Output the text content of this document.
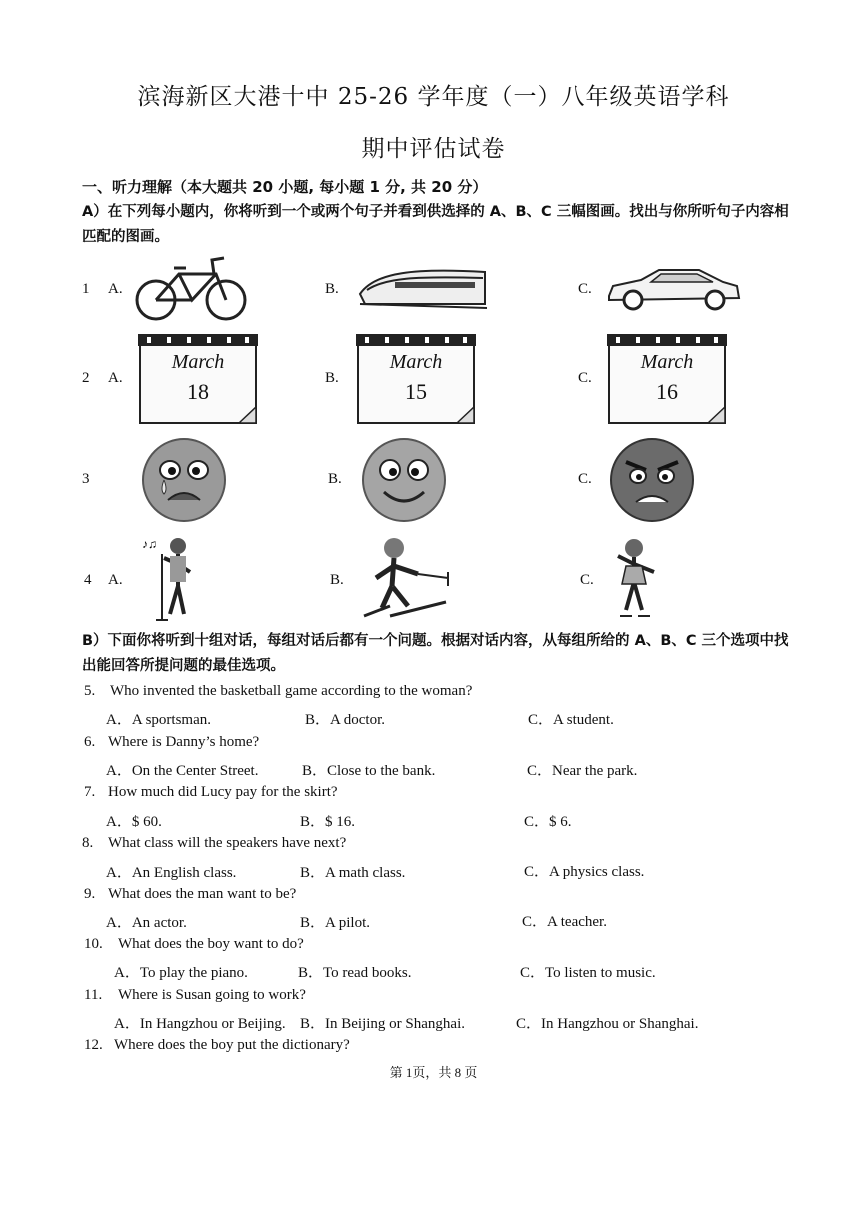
滨海新区大港十中 25-26 学年度（一）八年级英语学科
期中评估试卷
一、听力理解（本大题共 20 小题, 每小题 1 分, 共 20 分）
A）在下列每小题内，你将听到一个或两个句子并看到供选择的 A、B、C 三幅图画。找出与你所听句子内容相匹配的图画。
1 A.	B.	C.
2 A.
March
18
B.
March
15
C.
March
16
3	B.	C.
4 A.
♪♫
B.	C.
B）下面你将听到十组对话，每组对话后都有一个问题。根据对话内容，从每组所给的 A、B、C 三个选项中找出能回答所提问题的最佳选项。
5. Who invented the basketball game according to the woman?
A．A sportsman.	B．A doctor.	C．A student.
6. Where is Danny’s home?
A．On the Center Street.	B．Close to the bank.	C．Near the park.
7. How much did Lucy pay for the skirt?
A．$ 60.	B．$ 16.	C．$ 6.
8. What class will the speakers have next?
A．An English class.	B．A math class.	C．A physics class.
9. What does the man want to be?
A．An actor.	B．A pilot.	C．A teacher.
10. What does the boy want to do?
A．To play the piano.	B．To read books.	C．To listen to music.
11. Where is Susan going to work?
A．In Hangzhou or Beijing. B．In Beijing or Shanghai.	C．In Hangzhou or Shanghai.
12. Where does the boy put the dictionary?
第 1页，共 8 页
